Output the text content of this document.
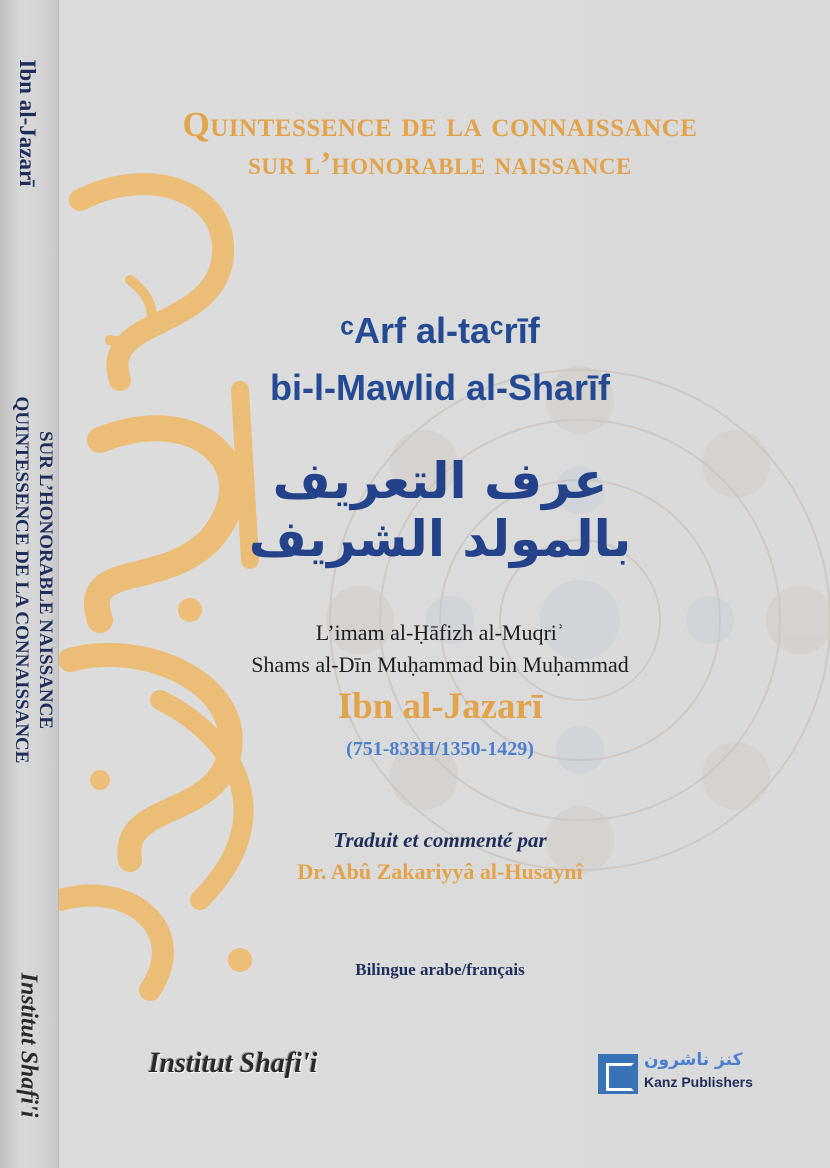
Ibn al-Jazarī
QUINTESSENCE DE LA CONNAISSANCE SUR L’HONORABLE NAISSANCE
Institut Shafi'i
Quintessence de la connaissance
sur l’honorable naissance
ᶜArf al-taᶜrīf
bi-l-Mawlid al-Sharīf
عرف التعريف بالمولد الشريف
L’imam al-Ḥāfizh al-Muqriʾ
Shams al-Dīn Muḥammad bin Muḥammad
Ibn al-Jazarī
(751-833H/1350-1429)
Traduit et commenté par
Dr. Abû Zakariyyâ al-Husaynî
Bilingue arabe/français
Institut Shafi'i	كنز ناشرون
Kanz Publishers
